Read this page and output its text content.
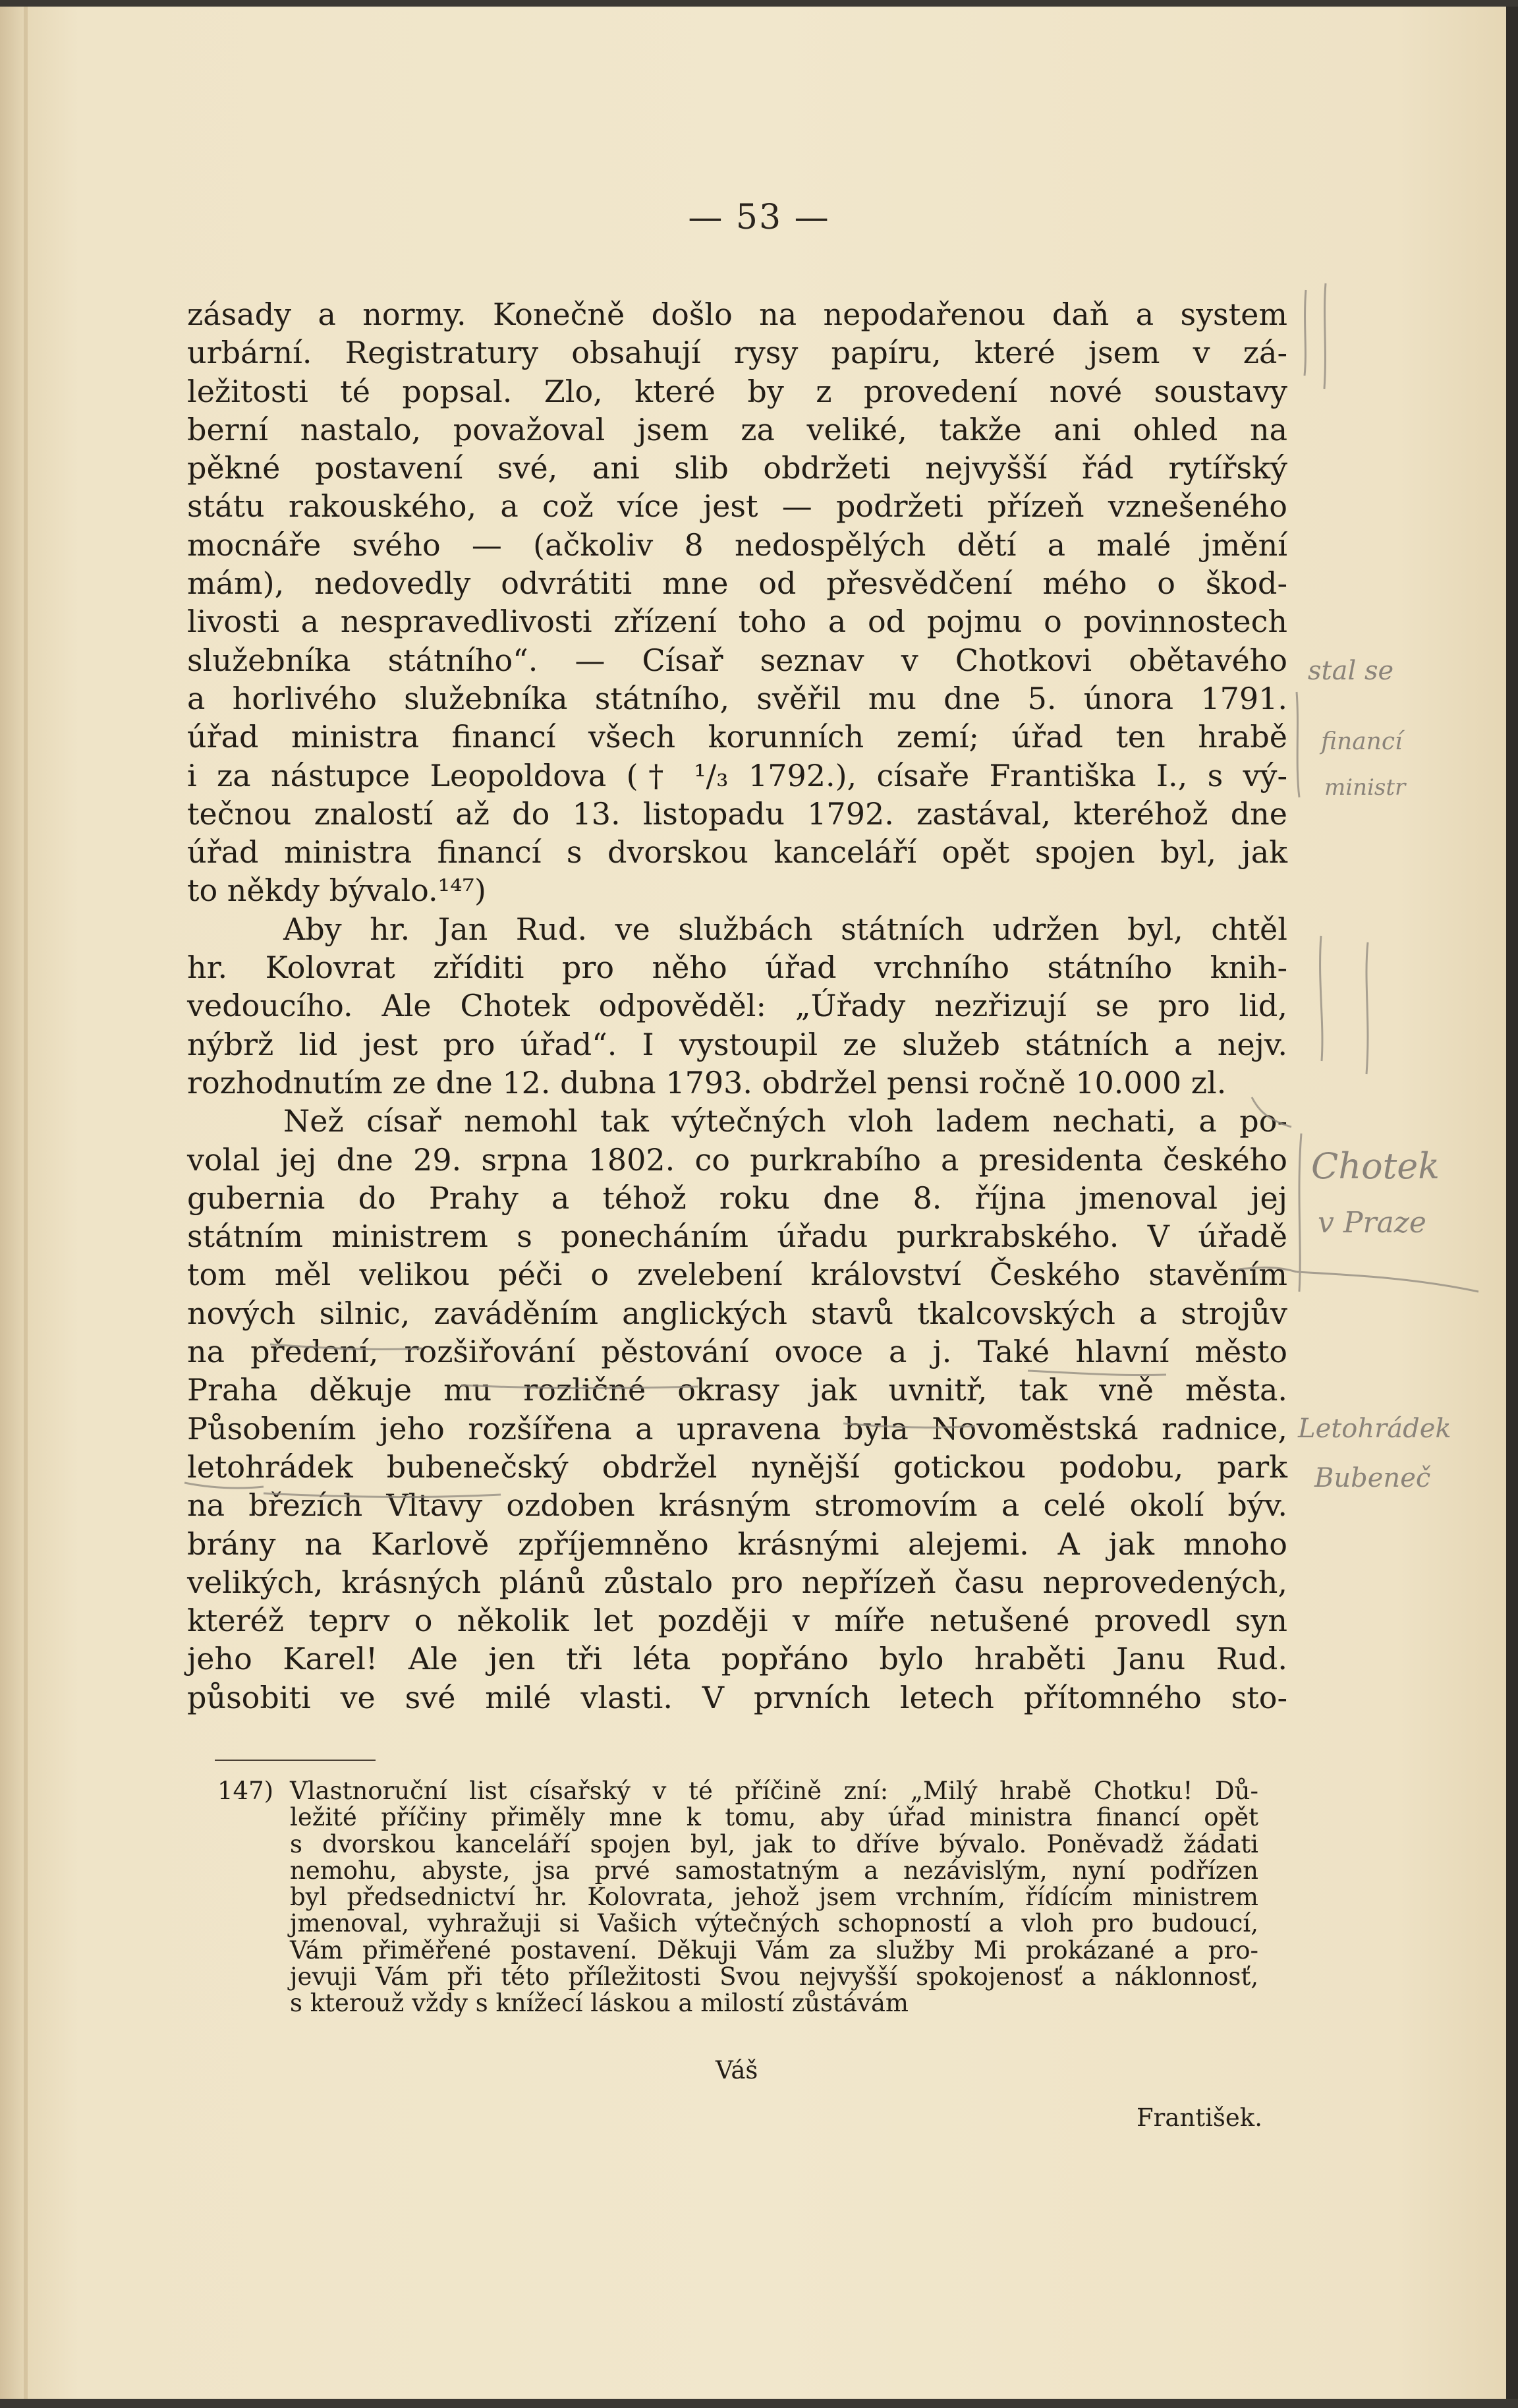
— 53 —
zásady a normy. Konečně došlo na nepodařenou daň a system
urbární. Registratury obsahují rysy papíru, které jsem v zá-
ležitosti té popsal. Zlo, které by z provedení nové soustavy
berní nastalo, považoval jsem za veliké, takže ani ohled na
pěkné postavení své, ani slib obdržeti nejvyšší řád rytířský
státu rakouského, a což více jest — podržeti přízeň vznešeného
mocnáře svého — (ačkoliv 8 nedospělých dětí a malé jmění
mám), nedovedly odvrátiti mne od přesvědčení mého o škod-
livosti a nespravedlivosti zřízení toho a od pojmu o povinnostech
služebníka státního“. — Císař seznav v Chotkovi obětavého
a horlivého služebníka státního, svěřil mu dne 5. února 1791.
úřad ministra financí všech korunních zemí; úřad ten hrabě
i za nástupce Leopoldova († ¹/₃ 1792.), císaře Františka I., s vý-
tečnou znalostí až do 13. listopadu 1792. zastával, kteréhož dne
úřad ministra financí s dvorskou kanceláří opět spojen byl, jak
to někdy bývalo.¹⁴⁷)
Aby hr. Jan Rud. ve službách státních udržen byl, chtěl
hr. Kolovrat zříditi pro něho úřad vrchního státního knih-
vedoucího. Ale Chotek odpověděl: „Úřady nezřizují se pro lid,
nýbrž lid jest pro úřad“. I vystoupil ze služeb státních a nejv.
rozhodnutím ze dne 12. dubna 1793. obdržel pensi ročně 10.000 zl.
Než císař nemohl tak výtečných vloh ladem nechati, a po-
volal jej dne 29. srpna 1802. co purkrabího a presidenta českého
gubernia do Prahy a téhož roku dne 8. října jmenoval jej
státním ministrem s ponecháním úřadu purkrabského. V úřadě
tom měl velikou péči o zvelebení království Českého stavěním
nových silnic, zaváděním anglických stavů tkalcovských a strojův
na předení, rozšiřování pěstování ovoce a j. Také hlavní město
Praha děkuje mu rozličné okrasy jak uvnitř, tak vně města.
Působením jeho rozšířena a upravena byla Novoměstská radnice,
letohrádek bubenečský obdržel nynější gotickou podobu, park
na březích Vltavy ozdoben krásným stromovím a celé okolí býv.
brány na Karlově zpříjemněno krásnými alejemi. A jak mnoho
velikých, krásných plánů zůstalo pro nepřízeň času neprovedených,
kteréž teprv o několik let později v míře netušené provedl syn
jeho Karel! Ale jen tři léta popřáno bylo hraběti Janu Rud.
působiti ve své milé vlasti. V prvních letech přítomného sto-
147) Vlastnoruční list císařský v té příčině zní: „Milý hrabě Chotku! Dů-
ležité příčiny přiměly mne k tomu, aby úřad ministra financí opět
s dvorskou kanceláří spojen byl, jak to dříve bývalo. Poněvadž žádati
nemohu, abyste, jsa prvé samostatným a nezávislým, nyní podřízen
byl předsednictví hr. Kolovrata, jehož jsem vrchním, řídícím ministrem
jmenoval, vyhražuji si Vašich výtečných schopností a vloh pro budoucí,
Vám přiměřené postavení. Děkuji Vám za služby Mi prokázané a pro-
jevuji Vám při této příležitosti Svou nejvyšší spokojenosť a náklonnosť,
s kterouž vždy s knížecí láskou a milostí zůstávám
Váš
František.
stal se
financí
ministr
Chotek
v Praze
Letohrádek
Bubeneč
